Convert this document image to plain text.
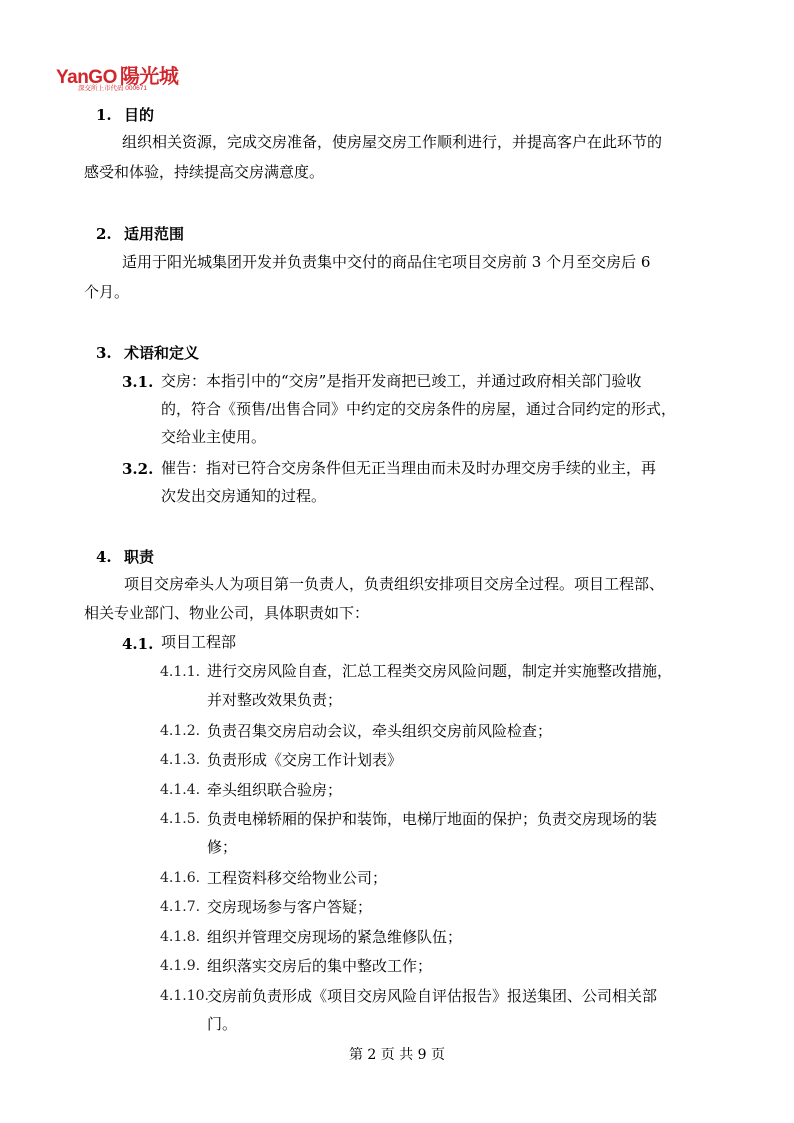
YanGO 陽光城
深交所上市代码 000671
1. 目的
组织相关资源，完成交房准备，使房屋交房工作顺利进行，并提高客户在此环节的
感受和体验，持续提高交房满意度。
2. 适用范围
适用于阳光城集团开发并负责集中交付的商品住宅项目交房前 3 个月至交房后 6
个月。
3. 术语和定义
3.1. 交房：本指引中的“交房”是指开发商把已竣工，并通过政府相关部门验收
的，符合《预售/出售合同》中约定的交房条件的房屋，通过合同约定的形式，
交给业主使用。
3.2. 催告：指对已符合交房条件但无正当理由而未及时办理交房手续的业主，再
次发出交房通知的过程。
4. 职责
项目交房牵头人为项目第一负责人，负责组织安排项目交房全过程。项目工程部、
相关专业部门、物业公司，具体职责如下：
4.1. 项目工程部
4.1.1. 进行交房风险自查，汇总工程类交房风险问题，制定并实施整改措施，
并对整改效果负责；
4.1.2. 负责召集交房启动会议，牵头组织交房前风险检查；
4.1.3. 负责形成《交房工作计划表》
4.1.4. 牵头组织联合验房；
4.1.5. 负责电梯轿厢的保护和装饰，电梯厅地面的保护；负责交房现场的装
修；
4.1.6. 工程资料移交给物业公司；
4.1.7. 交房现场参与客户答疑；
4.1.8. 组织并管理交房现场的紧急维修队伍；
4.1.9. 组织落实交房后的集中整改工作；
4.1.10.
交房前负责形成《项目交房风险自评估报告》报送集团、公司相关部
门。
第 2 页 共 9 页
